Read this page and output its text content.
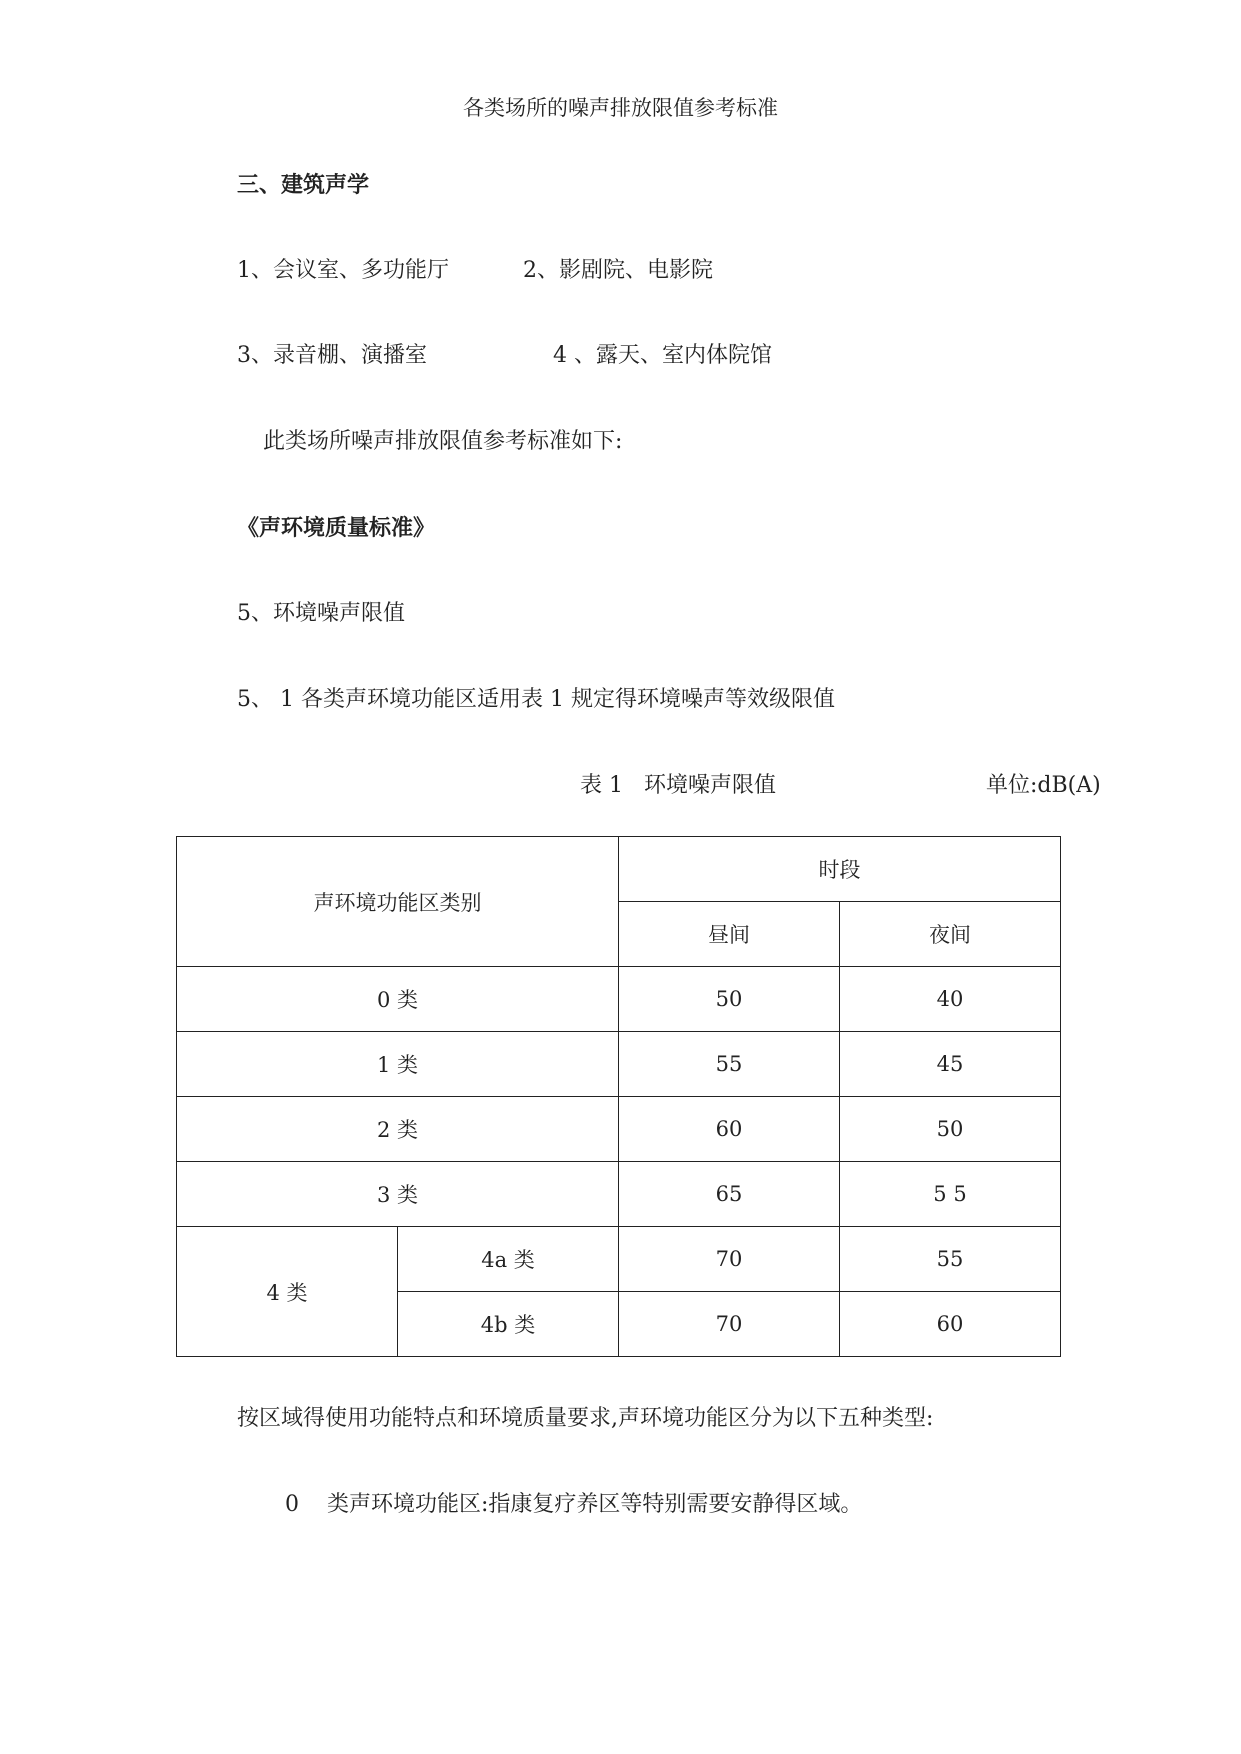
各类场所的噪声排放限值参考标准
三、建筑声学
1、会议室、多功能厅	2、影剧院、电影院
3、录音棚、演播室	4 、露天、室内体院馆
此类场所噪声排放限值参考标准如下:
《声环境质量标准》
5、环境噪声限值
5、 1 各类声环境功能区适用表 1 规定得环境噪声等效级限值
表 1   环境噪声限值	单位:dB(A)
声环境功能区类别		时段	
		昼间	夜间
0 类		50	40
1 类		55	45
2 类		60	50
3 类		65	5 5
4 类	4a 类	70	55
	4b 类	70	60
按区域得使用功能特点和环境质量要求,声环境功能区分为以下五种类型:
0    类声环境功能区:指康复疗养区等特别需要安静得区域。
